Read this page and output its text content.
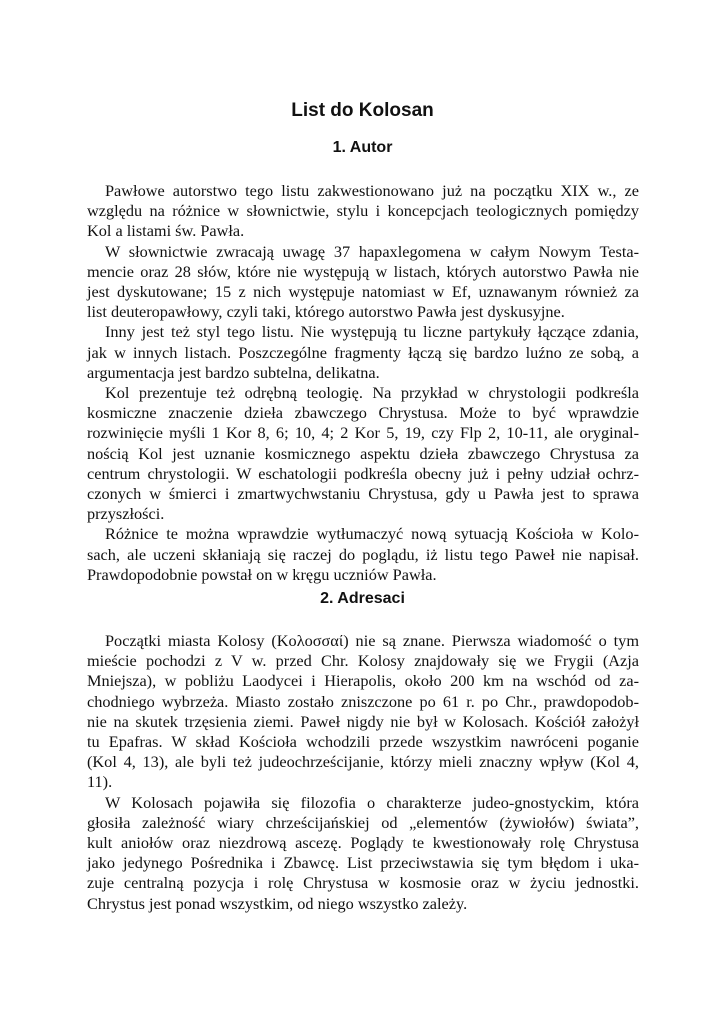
List do Kolosan
1. Autor
Pawłowe autorstwo tego listu zakwestionowano już na początku XIX w., ze
względu na różnice w słownictwie, stylu i koncepcjach teologicznych pomiędzy
Kol a listami św. Pawła.
W słownictwie zwracają uwagę 37 hapaxlegomena w całym Nowym Testa-
mencie oraz 28 słów, które nie występują w listach, których autorstwo Pawła nie
jest dyskutowane; 15 z nich występuje natomiast w Ef, uznawanym również za
list deuteropawłowy, czyli taki, którego autorstwo Pawła jest dyskusyjne.
Inny jest też styl tego listu. Nie występują tu liczne partykuły łączące zdania,
jak w innych listach. Poszczególne fragmenty łączą się bardzo luźno ze sobą, a
argumentacja jest bardzo subtelna, delikatna.
Kol prezentuje też odrębną teologię. Na przykład w chrystologii podkreśla
kosmiczne znaczenie dzieła zbawczego Chrystusa. Może to być wprawdzie
rozwinięcie myśli 1 Kor 8, 6; 10, 4; 2 Kor 5, 19, czy Flp 2, 10-11, ale oryginal-
nością Kol jest uznanie kosmicznego aspektu dzieła zbawczego Chrystusa za
centrum chrystologii. W eschatologii podkreśla obecny już i pełny udział ochrz-
czonych w śmierci i zmartwychwstaniu Chrystusa, gdy u Pawła jest to sprawa
przyszłości.
Różnice te można wprawdzie wytłumaczyć nową sytuacją Kościoła w Kolo-
sach, ale uczeni skłaniają się raczej do poglądu, iż listu tego Paweł nie napisał.
Prawdopodobnie powstał on w kręgu uczniów Pawła.
2. Adresaci
Początki miasta Kolosy (Κολοσσαί) nie są znane. Pierwsza wiadomość o tym
mieście pochodzi z V w. przed Chr. Kolosy znajdowały się we Frygii (Azja
Mniejsza), w pobliżu Laodycei i Hierapolis, około 200 km na wschód od za-
chodniego wybrzeża. Miasto zostało zniszczone po 61 r. po Chr., prawdopodob-
nie na skutek trzęsienia ziemi. Paweł nigdy nie był w Kolosach. Kościół założył
tu Epafras. W skład Kościoła wchodzili przede wszystkim nawróceni poganie
(Kol 4, 13), ale byli też judeochrześcijanie, którzy mieli znaczny wpływ (Kol 4,
11).
W Kolosach pojawiła się filozofia o charakterze judeo-gnostyckim, która
głosiła zależność wiary chrześcijańskiej od „elementów (żywiołów) świata”,
kult aniołów oraz niezdrową ascezę. Poglądy te kwestionowały rolę Chrystusa
jako jedynego Pośrednika i Zbawcę. List przeciwstawia się tym błędom i uka-
zuje centralną pozycja i rolę Chrystusa w kosmosie oraz w życiu jednostki.
Chrystus jest ponad wszystkim, od niego wszystko zależy.
